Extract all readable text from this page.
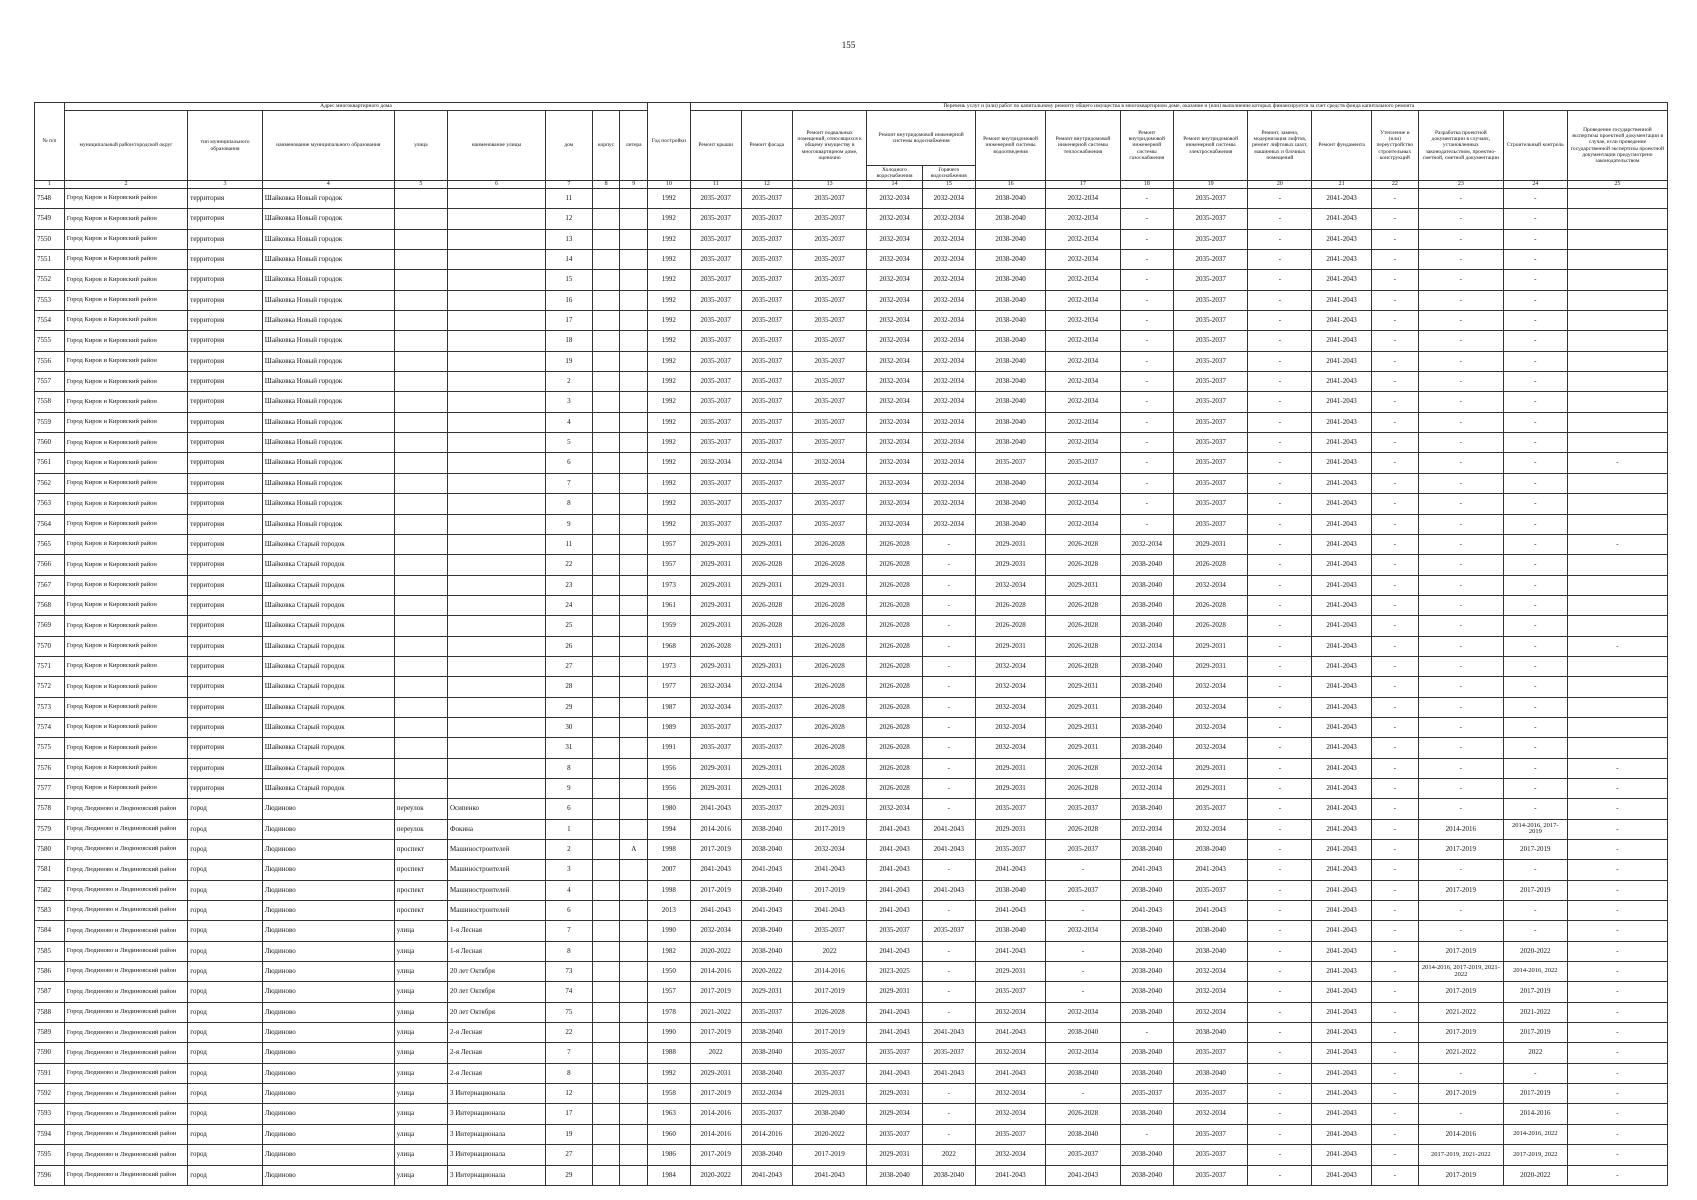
155
№ п/п	Адрес многоквартирного дома								Год постройки	Перечень услуг и (или) работ по капитальному ремонту общего имущества в многоквартирном доме, оказание и (или) выполнение которых финансируется за счет средств фонда капитального ремонта														
	муниципальный район/городской округ	тип муниципального образования	наименование муниципального образования	улица	наименование улицы	дом	корпус	литера		Ремонт крыши	Ремонт фасада	Ремонт подвальных помещений, относящихся к общему имуществу в многоквартирном доме, оценочно	Ремонт внутридомовой инженерной системы водоснабжения		Ремонт внутридомовой инженерной системы водоотведения	Ремонт внутридомовой инженерной системы теплоснабжения	Ремонт внутридомовой инженерной системы газоснабжения	Ремонт внутридомовой инженерной системы электроснабжения	Ремонт, замена, модернизация лифтов, ремонт лифтовых шахт, машинных и блочных помещений	Ремонт фундамента	Утепление и (или) переустройство строительных конструкций	Разработка проектной документации в случаях, установленных законодательством, проектно-сметной, сметной документации	Строительный контроль	Проведение государственной экспертизы проектной документации в случае, если проведение государственной экспертизы проектной документации предусмотрено законодательством
													Холодного водоснабжения	Горячего водоснабжения										
1	2	3	4	5	6	7	8	9	10	11	12	13	14	15	16	17	18	19	20	21	22	23	24	25
7548	Город Киров и Кировский район	территория	Шайковка Новый городок			11			1992	2035-2037	2035-2037	2035-2037	2032-2034	2032-2034	2038-2040	2032-2034	-	2035-2037	-	2041-2043	-	-	-	
7549	Город Киров и Кировский район	территория	Шайковка Новый городок			12			1992	2035-2037	2035-2037	2035-2037	2032-2034	2032-2034	2038-2040	2032-2034	-	2035-2037	-	2041-2043	-	-	-	
7550	Город Киров и Кировский район	территория	Шайковка Новый городок			13			1992	2035-2037	2035-2037	2035-2037	2032-2034	2032-2034	2038-2040	2032-2034	-	2035-2037	-	2041-2043	-	-	-	
7551	Город Киров и Кировский район	территория	Шайковка Новый городок			14			1992	2035-2037	2035-2037	2035-2037	2032-2034	2032-2034	2038-2040	2032-2034	-	2035-2037	-	2041-2043	-	-	-	
7552	Город Киров и Кировский район	территория	Шайковка Новый городок			15			1992	2035-2037	2035-2037	2035-2037	2032-2034	2032-2034	2038-2040	2032-2034	-	2035-2037	-	2041-2043	-	-	-	
7553	Город Киров и Кировский район	территория	Шайковка Новый городок			16			1992	2035-2037	2035-2037	2035-2037	2032-2034	2032-2034	2038-2040	2032-2034	-	2035-2037	-	2041-2043	-	-	-	
7554	Город Киров и Кировский район	территория	Шайковка Новый городок			17			1992	2035-2037	2035-2037	2035-2037	2032-2034	2032-2034	2038-2040	2032-2034	-	2035-2037	-	2041-2043	-	-	-	
7555	Город Киров и Кировский район	территория	Шайковка Новый городок			18			1992	2035-2037	2035-2037	2035-2037	2032-2034	2032-2034	2038-2040	2032-2034	-	2035-2037	-	2041-2043	-	-	-	
7556	Город Киров и Кировский район	территория	Шайковка Новый городок			19			1992	2035-2037	2035-2037	2035-2037	2032-2034	2032-2034	2038-2040	2032-2034	-	2035-2037	-	2041-2043	-	-	-	
7557	Город Киров и Кировский район	территория	Шайковка Новый городок			2			1992	2035-2037	2035-2037	2035-2037	2032-2034	2032-2034	2038-2040	2032-2034	-	2035-2037	-	2041-2043	-	-	-	
7558	Город Киров и Кировский район	территория	Шайковка Новый городок			3			1992	2035-2037	2035-2037	2035-2037	2032-2034	2032-2034	2038-2040	2032-2034	-	2035-2037	-	2041-2043	-	-	-	
7559	Город Киров и Кировский район	территория	Шайковка Новый городок			4			1992	2035-2037	2035-2037	2035-2037	2032-2034	2032-2034	2038-2040	2032-2034	-	2035-2037	-	2041-2043	-	-	-	
7560	Город Киров и Кировский район	территория	Шайковка Новый городок			5			1992	2035-2037	2035-2037	2035-2037	2032-2034	2032-2034	2038-2040	2032-2034	-	2035-2037	-	2041-2043	-	-	-	
7561	Город Киров и Кировский район	территория	Шайковка Новый городок			6			1992	2032-2034	2032-2034	2032-2034	2032-2034	2032-2034	2035-2037	2035-2037	-	2035-2037	-	2041-2043	-	-	-	-
7562	Город Киров и Кировский район	территория	Шайковка Новый городок			7			1992	2035-2037	2035-2037	2035-2037	2032-2034	2032-2034	2038-2040	2032-2034	-	2035-2037	-	2041-2043	-	-	-	
7563	Город Киров и Кировский район	территория	Шайковка Новый городок			8			1992	2035-2037	2035-2037	2035-2037	2032-2034	2032-2034	2038-2040	2032-2034	-	2035-2037	-	2041-2043	-	-	-	
7564	Город Киров и Кировский район	территория	Шайковка Новый городок			9			1992	2035-2037	2035-2037	2035-2037	2032-2034	2032-2034	2038-2040	2032-2034	-	2035-2037	-	2041-2043	-	-	-	
7565	Город Киров и Кировский район	территория	Шайковка Старый городок			11			1957	2029-2031	2029-2031	2026-2028	2026-2028	-	2029-2031	2026-2028	2032-2034	2029-2031	-	2041-2043	-	-	-	-
7566	Город Киров и Кировский район	территория	Шайковка Старый городок			22			1957	2029-2031	2026-2028	2026-2028	2026-2028	-	2029-2031	2026-2028	2038-2040	2026-2028	-	2041-2043	-	-	-	
7567	Город Киров и Кировский район	территория	Шайковка Старый городок			23			1973	2029-2031	2029-2031	2029-2031	2026-2028	-	2032-2034	2029-2031	2038-2040	2032-2034	-	2041-2043	-	-	-	
7568	Город Киров и Кировский район	территория	Шайковка Старый городок			24			1961	2029-2031	2026-2028	2026-2028	2026-2028	-	2026-2028	2026-2028	2038-2040	2026-2028	-	2041-2043	-	-	-	
7569	Город Киров и Кировский район	территория	Шайковка Старый городок			25			1959	2029-2031	2026-2028	2026-2028	2026-2028	-	2026-2028	2026-2028	2038-2040	2026-2028	-	2041-2043	-	-	-	
7570	Город Киров и Кировский район	территория	Шайковка Старый городок			26			1968	2026-2028	2029-2031	2026-2028	2026-2028	-	2029-2031	2026-2028	2032-2034	2029-2031	-	2041-2043	-	-	-	-
7571	Город Киров и Кировский район	территория	Шайковка Старый городок			27			1973	2029-2031	2029-2031	2026-2028	2026-2028	-	2032-2034	2026-2028	2038-2040	2029-2031	-	2041-2043	-	-	-	
7572	Город Киров и Кировский район	территория	Шайковка Старый городок			28			1977	2032-2034	2032-2034	2026-2028	2026-2028	-	2032-2034	2029-2031	2038-2040	2032-2034	-	2041-2043	-	-	-	
7573	Город Киров и Кировский район	территория	Шайковка Старый городок			29			1987	2032-2034	2035-2037	2026-2028	2026-2028	-	2032-2034	2029-2031	2038-2040	2032-2034	-	2041-2043	-	-	-	
7574	Город Киров и Кировский район	территория	Шайковка Старый городок			30			1989	2035-2037	2035-2037	2026-2028	2026-2028	-	2032-2034	2029-2031	2038-2040	2032-2034	-	2041-2043	-	-	-	
7575	Город Киров и Кировский район	территория	Шайковка Старый городок			31			1991	2035-2037	2035-2037	2026-2028	2026-2028	-	2032-2034	2029-2031	2038-2040	2032-2034	-	2041-2043	-	-	-	
7576	Город Киров и Кировский район	территория	Шайковка Старый городок			8			1956	2029-2031	2029-2031	2026-2028	2026-2028	-	2029-2031	2026-2028	2032-2034	2029-2031	-	2041-2043	-	-	-	-
7577	Город Киров и Кировский район	территория	Шайковка Старый городок			9			1956	2029-2031	2029-2031	2026-2028	2026-2028	-	2029-2031	2026-2028	2032-2034	2029-2031	-	2041-2043	-	-	-	-
7578	Город Людиново и Людиновский район	город	Людиново	переулок	Осипенко	6			1980	2041-2043	2035-2037	2029-2031	2032-2034	-	2035-2037	2035-2037	2038-2040	2035-2037	-	2041-2043	-	-	-	-
7579	Город Людиново и Людиновский район	город	Людиново	переулок	Фокина	1			1994	2014-2016	2038-2040	2017-2019	2041-2043	2041-2043	2029-2031	2026-2028	2032-2034	2032-2034	-	2041-2043	-	2014-2016	2014-2016, 2017-2019	-
7580	Город Людиново и Людиновский район	город	Людиново	проспект	Машиностроителей	2		А	1998	2017-2019	2038-2040	2032-2034	2041-2043	2041-2043	2035-2037	2035-2037	2038-2040	2038-2040	-	2041-2043	-	2017-2019	2017-2019	-
7581	Город Людиново и Людиновский район	город	Людиново	проспект	Машиностроителей	3			2007	2041-2043	2041-2043	2041-2043	2041-2043	-	2041-2043	-	2041-2043	2041-2043	-	2041-2043	-	-	-	-
7582	Город Людиново и Людиновский район	город	Людиново	проспект	Машиностроителей	4			1998	2017-2019	2038-2040	2017-2019	2041-2043	2041-2043	2038-2040	2035-2037	2038-2040	2035-2037	-	2041-2043	-	2017-2019	2017-2019	-
7583	Город Людиново и Людиновский район	город	Людиново	проспект	Машиностроителей	6			2013	2041-2043	2041-2043	2041-2043	2041-2043	-	2041-2043	-	2041-2043	2041-2043	-	2041-2043	-	-	-	-
7584	Город Людиново и Людиновский район	город	Людиново	улица	1-я Лесная	7			1990	2032-2034	2038-2040	2035-2037	2035-2037	2035-2037	2038-2040	2032-2034	2038-2040	2038-2040	-	2041-2043	-	-	-	-
7585	Город Людиново и Людиновский район	город	Людиново	улица	1-я Лесная	8			1982	2020-2022	2038-2040	2022	2041-2043	-	2041-2043	-	2038-2040	2038-2040	-	2041-2043	-	2017-2019	2020-2022	-
7586	Город Людиново и Людиновский район	город	Людиново	улица	20 лет Октября	73			1950	2014-2016	2020-2022	2014-2016	2023-2025	-	2029-2031	-	2038-2040	2032-2034	-	2041-2043	-	2014-2016, 2017-2019, 2021-2022	2014-2016, 2022	-
7587	Город Людиново и Людиновский район	город	Людиново	улица	20 лет Октября	74			1957	2017-2019	2029-2031	2017-2019	2029-2031	-	2035-2037	-	2038-2040	2032-2034	-	2041-2043	-	2017-2019	2017-2019	-
7588	Город Людиново и Людиновский район	город	Людиново	улица	20 лет Октября	75			1978	2021-2022	2035-2037	2026-2028	2041-2043	-	2032-2034	2032-2034	2038-2040	2032-2034	-	2041-2043	-	2021-2022	2021-2022	-
7589	Город Людиново и Людиновский район	город	Людиново	улица	2-я Лесная	22			1990	2017-2019	2038-2040	2017-2019	2041-2043	2041-2043	2041-2043	2038-2040	-	2038-2040	-	2041-2043	-	2017-2019	2017-2019	-
7590	Город Людиново и Людиновский район	город	Людиново	улица	2-я Лесная	7			1988	2022	2038-2040	2035-2037	2035-2037	2035-2037	2032-2034	2032-2034	2038-2040	2035-2037	-	2041-2043	-	2021-2022	2022	-
7591	Город Людиново и Людиновский район	город	Людиново	улица	2-я Лесная	8			1992	2029-2031	2038-2040	2035-2037	2041-2043	2041-2043	2041-2043	2038-2040	2038-2040	2038-2040	-	2041-2043	-	-	-	-
7592	Город Людиново и Людиновский район	город	Людиново	улица	3 Интернационала	12			1958	2017-2019	2032-2034	2029-2031	2029-2031	-	2032-2034	-	2035-2037	2035-2037	-	2041-2043	-	2017-2019	2017-2019	-
7593	Город Людиново и Людиновский район	город	Людиново	улица	3 Интернационала	17			1963	2014-2016	2035-2037	2038-2040	2029-2034	-	2032-2034	2026-2028	2038-2040	2032-2034	-	2041-2043	-	-	2014-2016	-
7594	Город Людиново и Людиновский район	город	Людиново	улица	3 Интернационала	19			1960	2014-2016	2014-2016	2020-2022	2035-2037	-	2035-2037	2038-2040	-	2035-2037	-	2041-2043	-	2014-2016	2014-2016, 2022	-
7595	Город Людиново и Людиновский район	город	Людиново	улица	3 Интернационала	27			1986	2017-2019	2038-2040	2017-2019	2029-2031	2022	2032-2034	2035-2037	2038-2040	2035-2037	-	2041-2043	-	2017-2019, 2021-2022	2017-2019, 2022	-
7596	Город Людиново и Людиновский район	город	Людиново	улица	3 Интернационала	29			1984	2020-2022	2041-2043	2041-2043	2038-2040	2038-2040	2041-2043	2041-2043	2038-2040	2035-2037	-	2041-2043	-	2017-2019	2020-2022	-
